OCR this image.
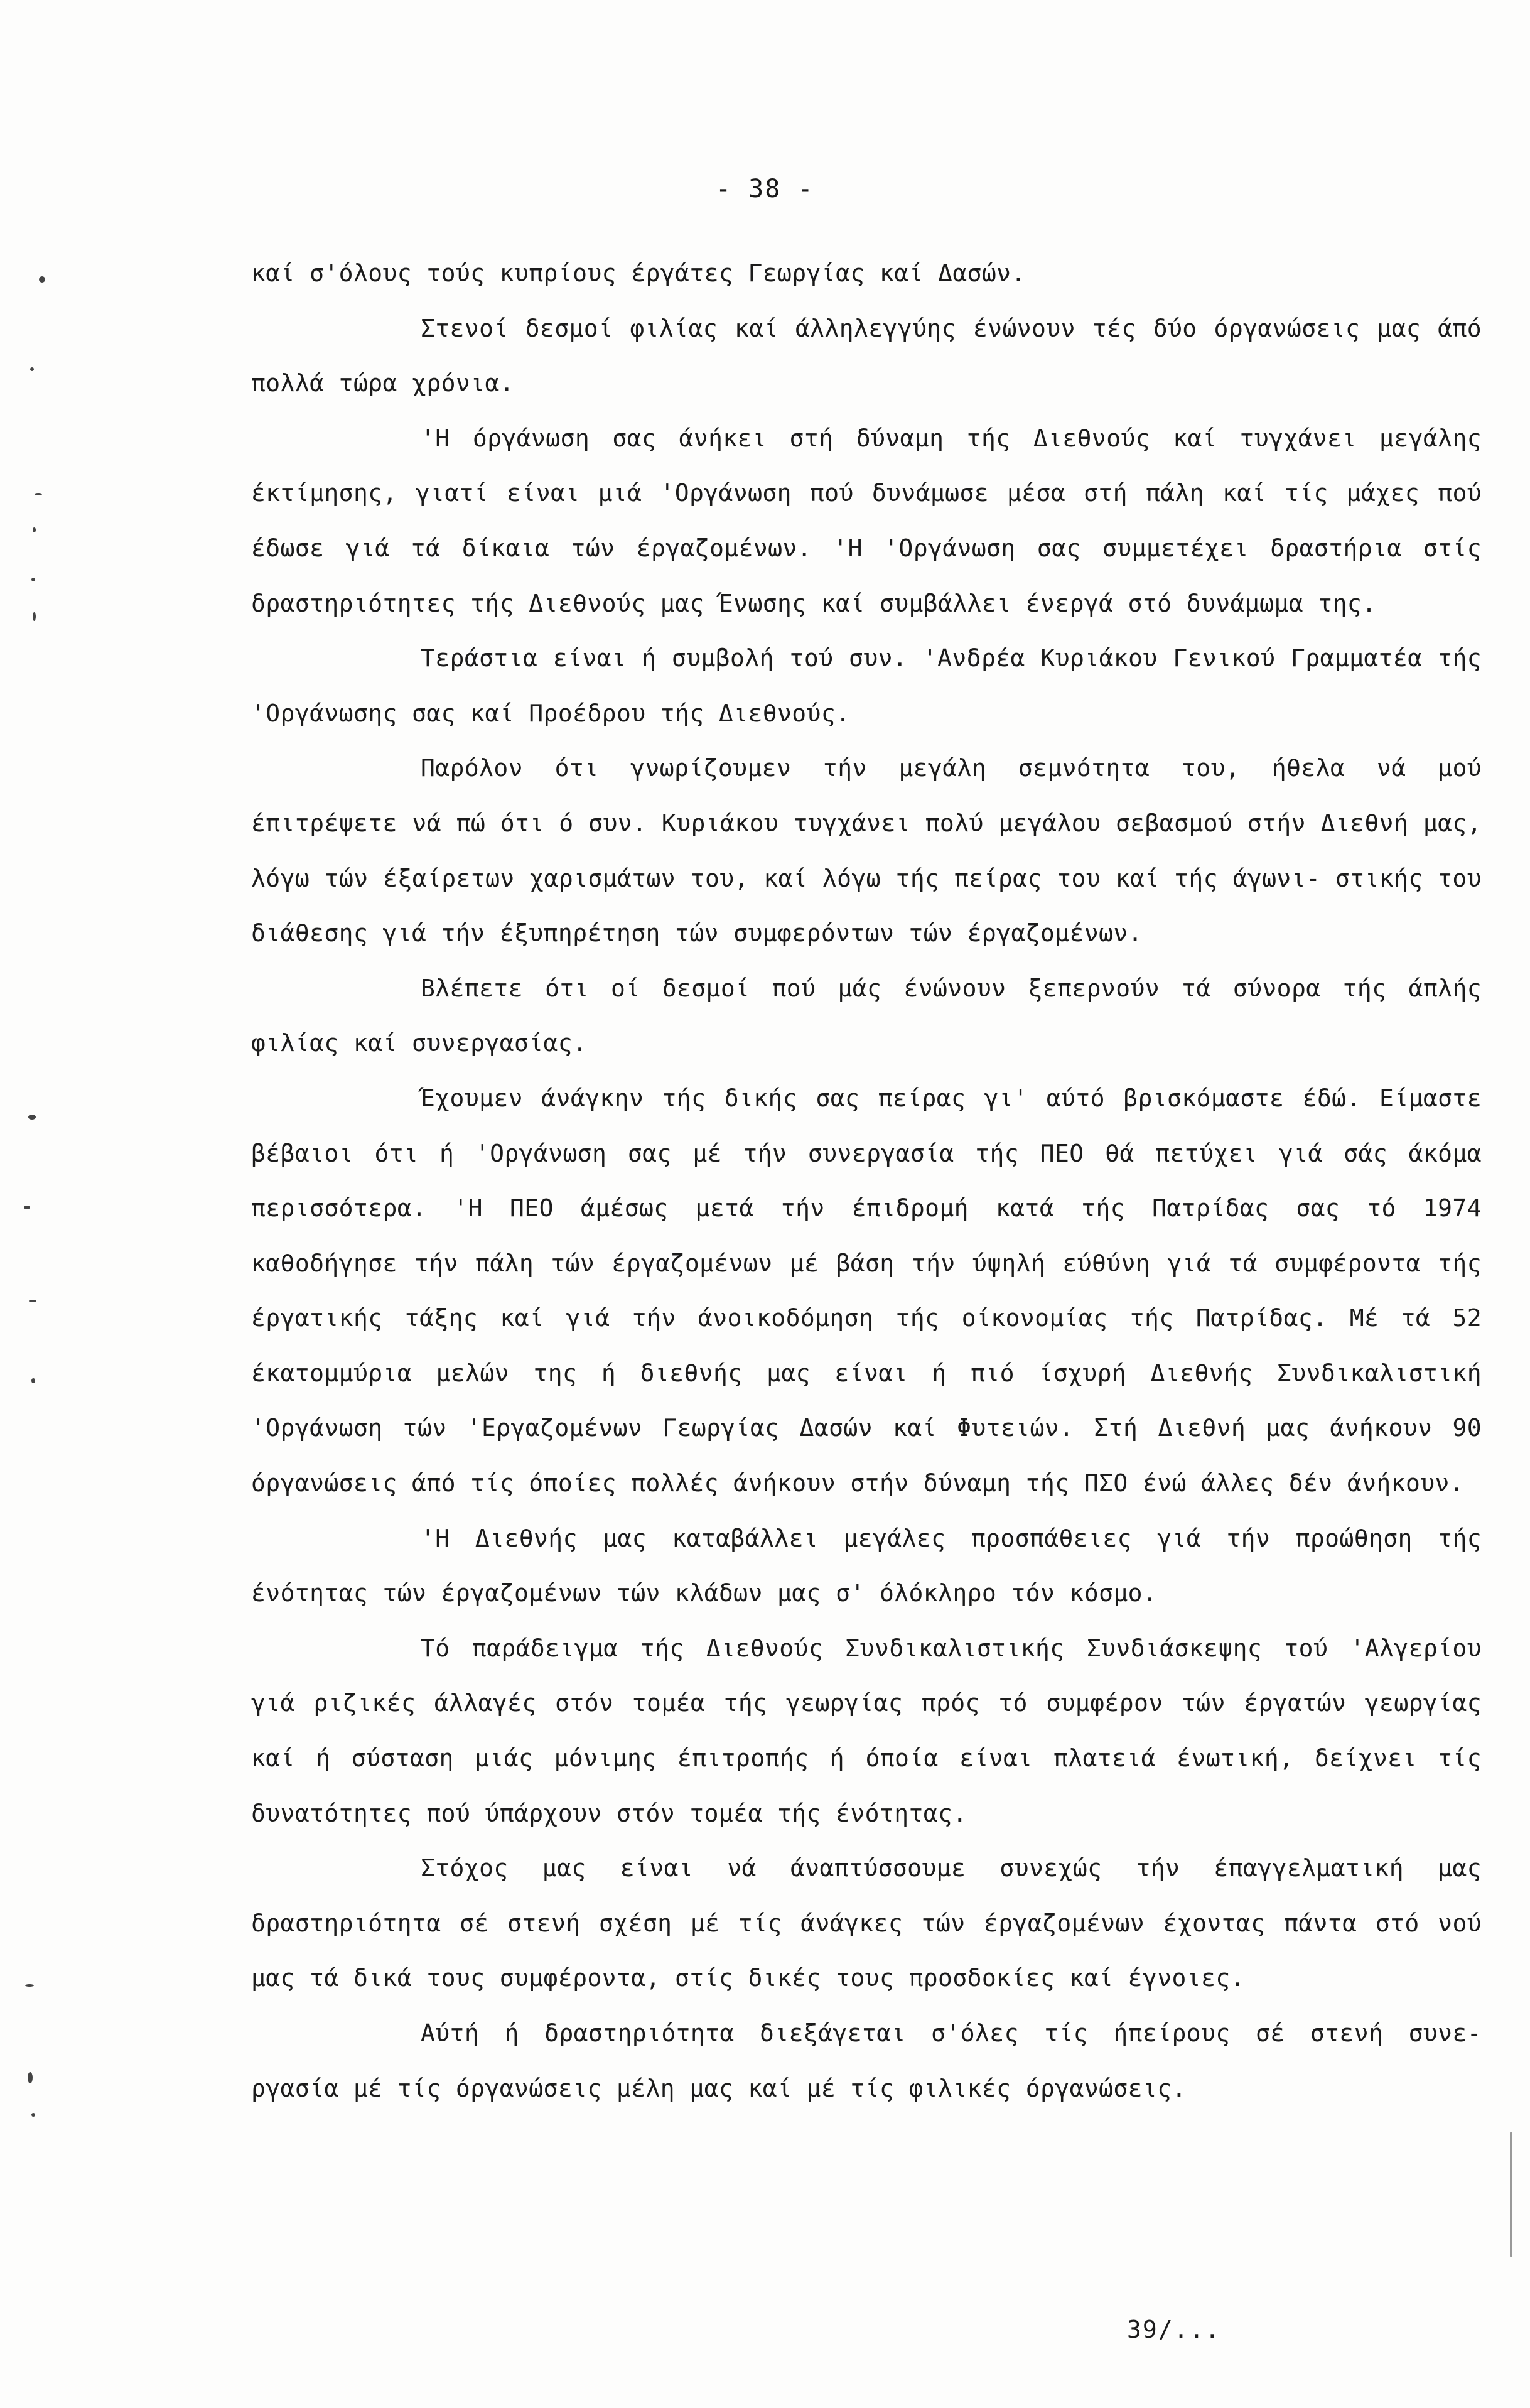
- 38 -

καί σ'όλους τούς κυπρίους έργάτες Γεωργίας καί Δασών.

Στενοί δεσμοί φιλίας καί άλληλεγγύης ένώνουν τές δύο όργανώσεις μας άπό πολλά τώρα χρόνια.

'Η όργάνωση σας άνήκει στή δύναμη τής Διεθνούς καί τυγχάνει μεγάλης έκτίμησης, γιατί είναι μιά 'Οργάνωση πού δυνάμωσε μέσα στή πάλη καί τίς μάχες πού έδωσε γιά τά δίκαια τών έργαζομένων. 'Η 'Οργάνωση σας συμμετέχει δραστήρια στίς δραστηριότητες τής Διεθνούς μας Ένωσης καί συμβάλλει ένεργά στό δυνάμωμα της.

Τεράστια είναι ή συμβολή τού συν. 'Ανδρέα Κυριάκου Γενικού Γραμματέα τής 'Οργάνωσης σας καί Προέδρου τής Διεθνούς.

Παρόλον ότι γνωρίζουμεν τήν μεγάλη σεμνότητα του, ήθελα νά μού έπιτρέψετε νά πώ ότι ό συν. Κυριάκου τυγχάνει πολύ μεγάλου σεβασμού στήν Διεθνή μας, λόγω τών έξαίρετων χαρισμάτων του, καί λόγω τής πείρας του καί τής άγωνι- στικής του διάθεσης γιά τήν έξυπηρέτηση τών συμφερόντων τών έργαζομένων.

Βλέπετε ότι οί δεσμοί πού μάς ένώνουν ξεπερνούν τά σύνορα τής άπλής φιλίας καί συνεργασίας.

Έχουμεν άνάγκην τής δικής σας πείρας γι' αύτό βρισκόμαστε έδώ. Είμαστε βέβαιοι ότι ή 'Οργάνωση σας μέ τήν συνεργασία τής ΠΕΟ θά πετύχει γιά σάς άκόμα περισσότερα. 'Η ΠΕΟ άμέσως μετά τήν έπιδρομή κατά τής Πατρίδας σας τό 1974 καθοδήγησε τήν πάλη τών έργαζομένων μέ βάση τήν ύψηλή εύθύνη γιά τά συμφέροντα τής έργατικής τάξης καί γιά τήν άνοικοδόμηση τής οίκονομίας τής Πατρίδας. Μέ τά 52 έκατομμύρια μελών της ή διεθνής μας είναι ή πιό ίσχυρή Διεθνής Συνδικαλιστική 'Οργάνωση τών 'Εργαζομένων Γεωργίας Δασών καί Φυτειών. Στή Διεθνή μας άνήκουν 90 όργανώσεις άπό τίς όποίες πολλές άνήκουν στήν δύναμη τής ΠΣΟ ένώ άλλες δέν άνήκουν.

'Η Διεθνής μας καταβάλλει μεγάλες προσπάθειες γιά τήν προώθηση τής ένότητας τών έργαζομένων τών κλάδων μας σ' όλόκληρο τόν κόσμο.

Τό παράδειγμα τής Διεθνούς Συνδικαλιστικής Συνδιάσκεψης τού 'Αλγερίου γιά ριζικές άλλαγές στόν τομέα τής γεωργίας πρός τό συμφέρον τών έργατών γεωργίας καί ή σύσταση μιάς μόνιμης έπιτροπής ή όποία είναι πλατειά ένωτική, δείχνει τίς δυνατότητες πού ύπάρχουν στόν τομέα τής ένότητας.

Στόχος μας είναι νά άναπτύσσουμε συνεχώς τήν έπαγγελματική μας δραστηριότητα σέ στενή σχέση μέ τίς άνάγκες τών έργαζομένων έχοντας πάντα στό νού μας τά δικά τους συμφέροντα, στίς δικές τους προσδοκίες καί έγνοιες.

Αύτή ή δραστηριότητα διεξάγεται σ'όλες τίς ήπείρους σέ στενή συνε- ργασία μέ τίς όργανώσεις μέλη μας καί μέ τίς φιλικές όργανώσεις.

39/...
